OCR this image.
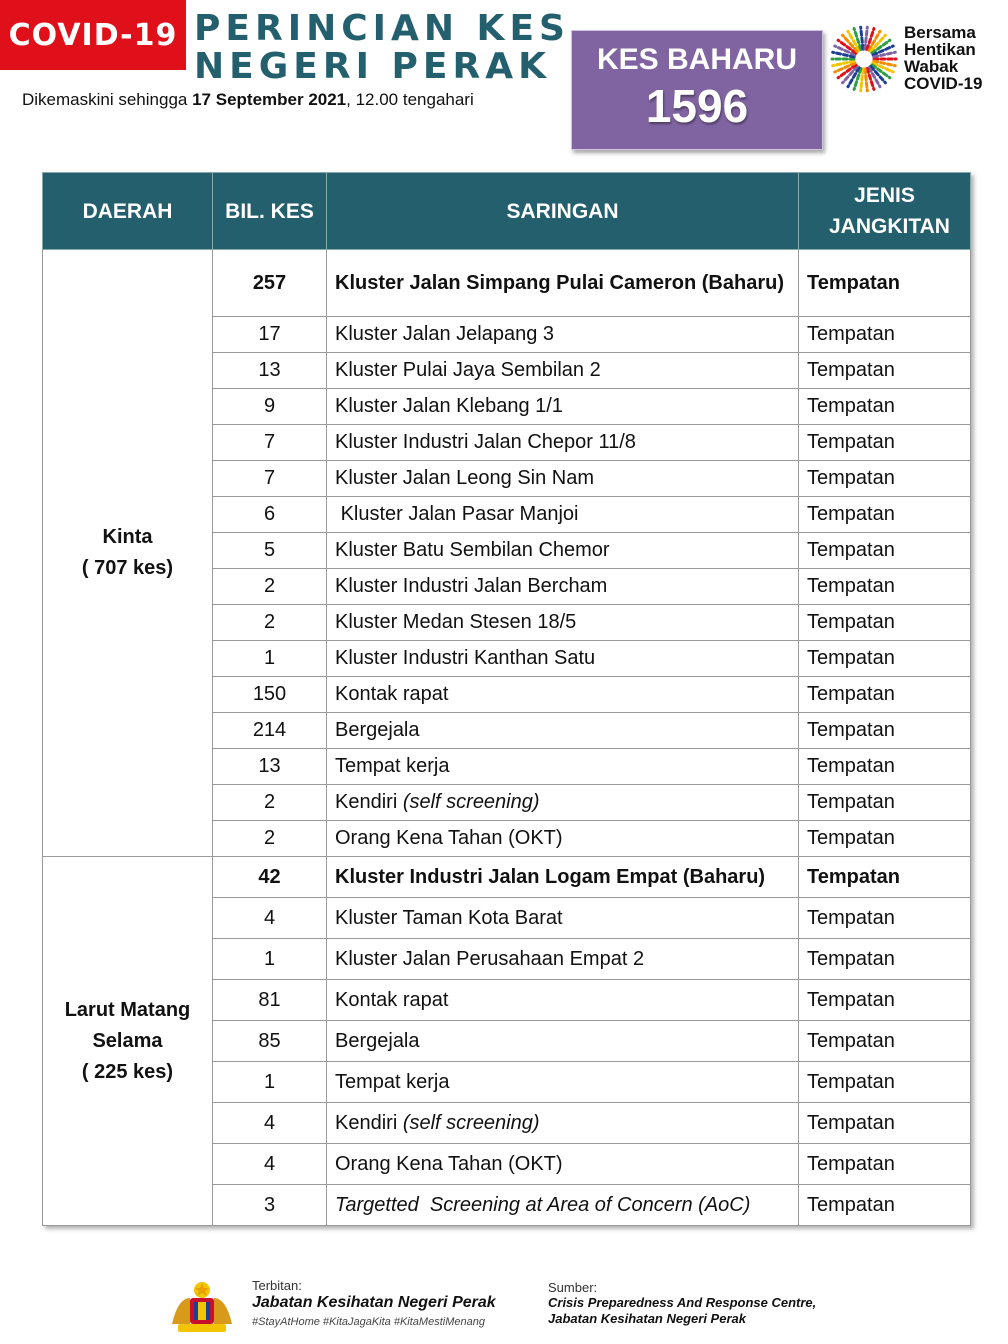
COVID-19 PERINCIAN KES
NEGERI PERAK
Dikemaskini sehingga 17 September 2021, 12.00 tengahari
KES BAHARU
1596
Bersama
Hentikan
Wabak
COVID-19
DAERAH	BIL. KES	SARINGAN	JENIS JANGKITAN

Kinta
( 707 kes)	257	Kluster Jalan Simpang Pulai Cameron (Baharu)	Tempatan
	17	Kluster Jalan Jelapang 3	Tempatan
	13	Kluster Pulai Jaya Sembilan 2	Tempatan
	9	Kluster Jalan Klebang 1/1	Tempatan
	7	Kluster Industri Jalan Chepor 11/8	Tempatan
	7	Kluster Jalan Leong Sin Nam	Tempatan
	6	Kluster Jalan Pasar Manjoi	Tempatan
	5	Kluster Batu Sembilan Chemor	Tempatan
	2	Kluster Industri Jalan Bercham	Tempatan
	2	Kluster Medan Stesen 18/5	Tempatan
	1	Kluster Industri Kanthan Satu	Tempatan
	150	Kontak rapat	Tempatan
	214	Bergejala	Tempatan
	13	Tempat kerja	Tempatan
	2	Kendiri (self screening)	Tempatan
	2	Orang Kena Tahan (OKT)	Tempatan

Larut Matang Selama
( 225 kes)	42	Kluster Industri Jalan Logam Empat (Baharu)	Tempatan
	4	Kluster Taman Kota Barat	Tempatan
	1	Kluster Jalan Perusahaan Empat 2	Tempatan
	81	Kontak rapat	Tempatan
	85	Bergejala	Tempatan
	1	Tempat kerja	Tempatan
	4	Kendiri (self screening)	Tempatan
	4	Orang Kena Tahan (OKT)	Tempatan
	3	Targetted  Screening at Area of Concern (AoC)	Tempatan
Terbitan:
Jabatan Kesihatan Negeri Perak
#StayAtHome #KitaJagaKita #KitaMestiMenang
Sumber:
Crisis Preparedness And Response Centre,
Jabatan Kesihatan Negeri Perak
